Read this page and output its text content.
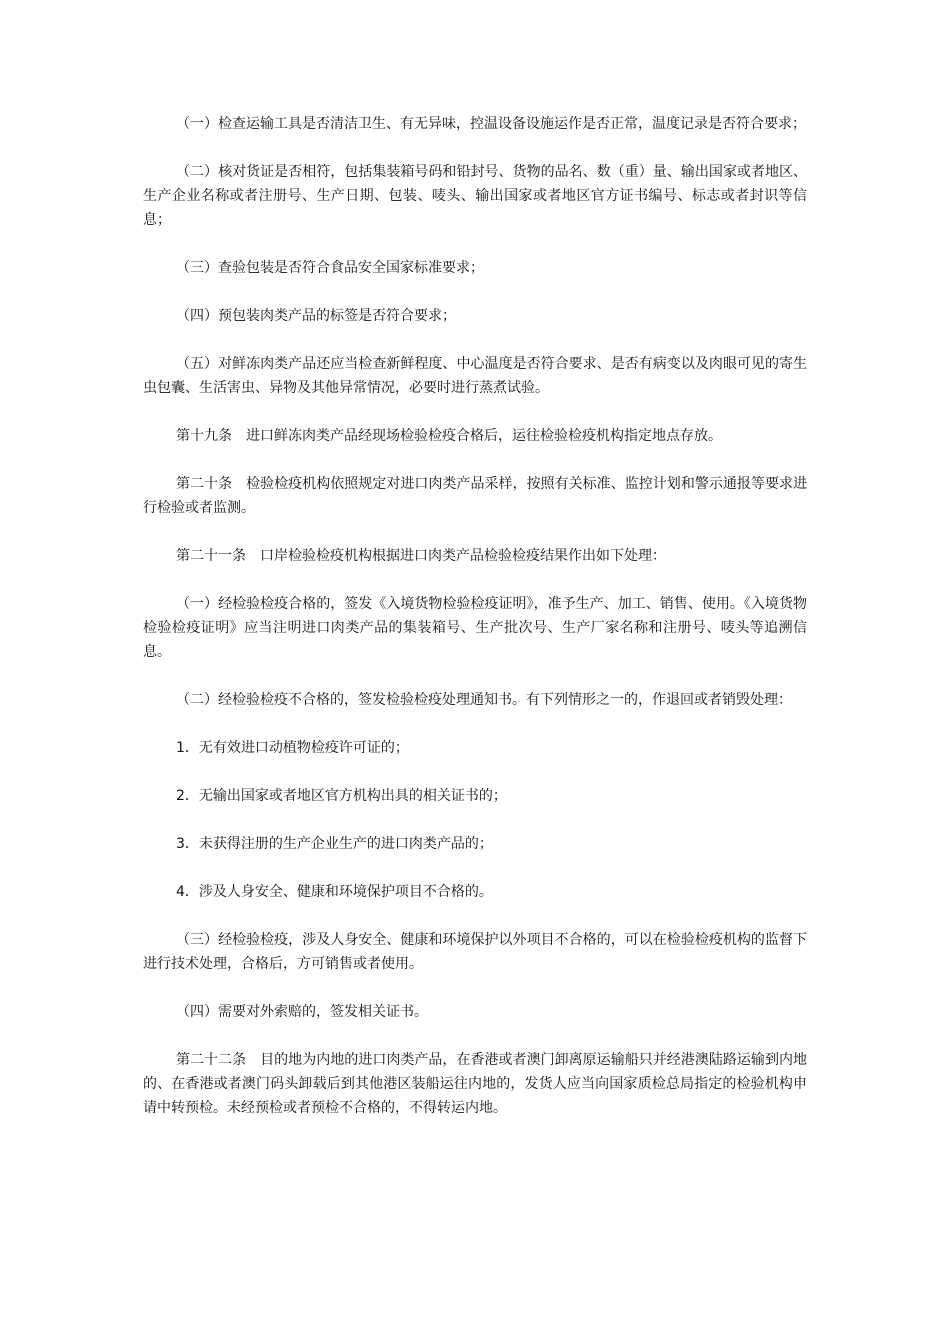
（一）检查运输工具是否清洁卫生、有无异味，控温设备设施运作是否正常，温度记录是否符合要求；

（二）核对货证是否相符，包括集装箱号码和铅封号、货物的品名、数（重）量、输出国家或者地区、生产企业名称或者注册号、生产日期、包装、唛头、输出国家或者地区官方证书编号、标志或者封识等信息；

（三）查验包装是否符合食品安全国家标准要求；

（四）预包装肉类产品的标签是否符合要求；

（五）对鲜冻肉类产品还应当检查新鲜程度、中心温度是否符合要求、是否有病变以及肉眼可见的寄生虫包囊、生活害虫、异物及其他异常情况，必要时进行蒸煮试验。

第十九条　进口鲜冻肉类产品经现场检验检疫合格后，运往检验检疫机构指定地点存放。

第二十条　检验检疫机构依照规定对进口肉类产品采样，按照有关标准、监控计划和警示通报等要求进行检验或者监测。

第二十一条　口岸检验检疫机构根据进口肉类产品检验检疫结果作出如下处理：

（一）经检验检疫合格的，签发《入境货物检验检疫证明》，准予生产、加工、销售、使用。《入境货物检验检疫证明》应当注明进口肉类产品的集装箱号、生产批次号、生产厂家名称和注册号、唛头等追溯信息。

（二）经检验检疫不合格的，签发检验检疫处理通知书。有下列情形之一的，作退回或者销毁处理：

1．无有效进口动植物检疫许可证的；

2．无输出国家或者地区官方机构出具的相关证书的；

3．未获得注册的生产企业生产的进口肉类产品的；

4．涉及人身安全、健康和环境保护项目不合格的。

（三）经检验检疫，涉及人身安全、健康和环境保护以外项目不合格的，可以在检验检疫机构的监督下进行技术处理，合格后，方可销售或者使用。

（四）需要对外索赔的，签发相关证书。

第二十二条　目的地为内地的进口肉类产品，在香港或者澳门卸离原运输船只并经港澳陆路运输到内地的、在香港或者澳门码头卸载后到其他港区装船运往内地的，发货人应当向国家质检总局指定的检验机构申请中转预检。未经预检或者预检不合格的，不得转运内地。
